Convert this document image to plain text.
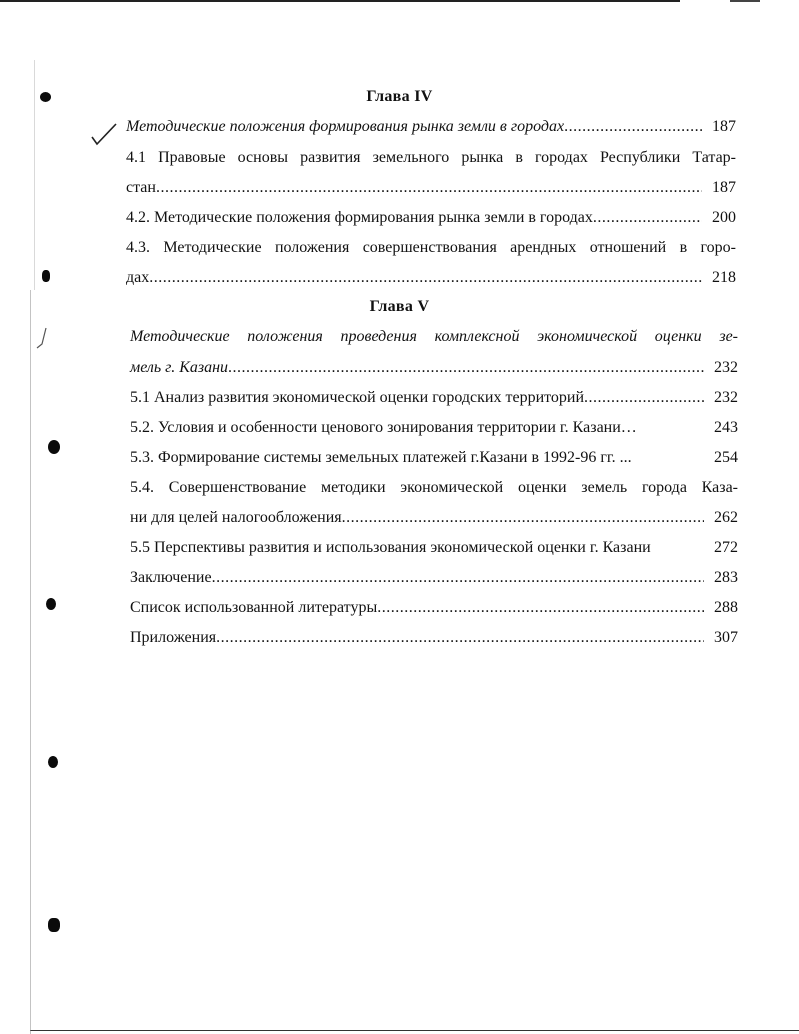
Глава IV
Методические положения формирования рынка земли в городах .....	187
4.1 Правовые основы развития земельного рынка в городах Республики Татар-
стан .....	187
4.2. Методические положения формирования рынка земли в городах .....	200
4.3. Методические положения совершенствования арендных отношений в горо-
дах .....	218
Глава V
Методические положения проведения комплексной экономической оценки зе-
мель г. Казани .....	232
5.1 Анализ развития экономической оценки городских территорий .....	232
5.2. Условия и особенности ценового зонирования территории г. Казани…	243
5.3. Формирование системы земельных платежей г.Казани в 1992-96 гг. ...	254
5.4. Совершенствование методики экономической оценки земель города Каза-
ни для целей налогообложения .....	262
5.5 Перспективы развития и использования экономической оценки г. Казани	272
Заключение .....	283
Список использованной литературы .....	288
Приложения .....	307
